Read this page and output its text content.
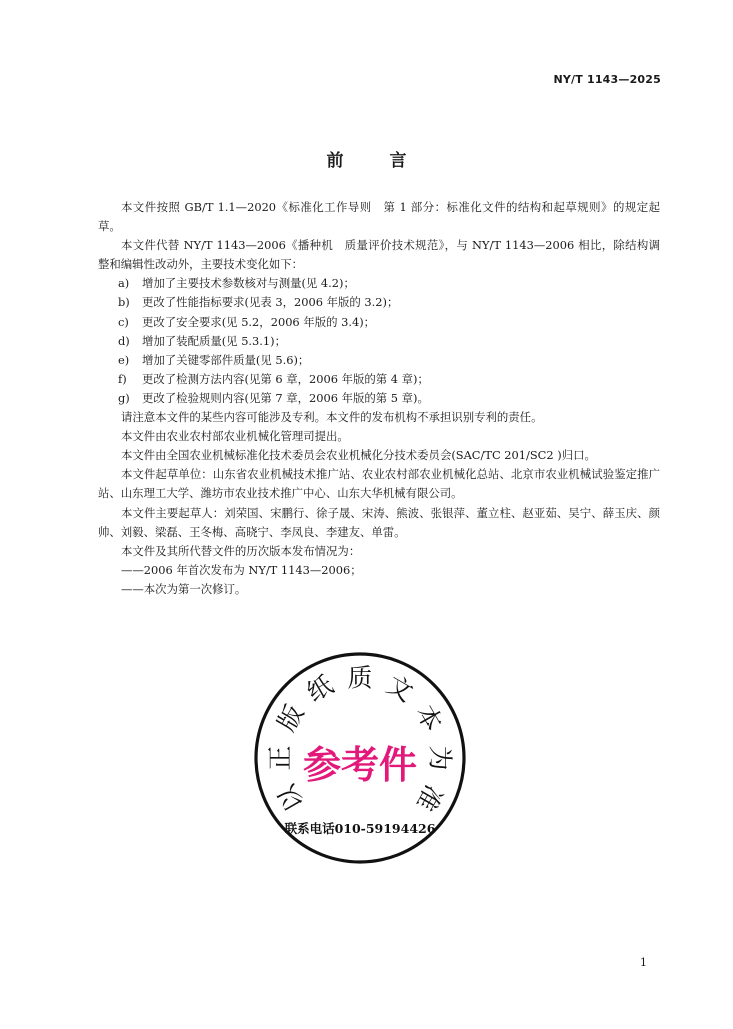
NY/T 1143—2025
前 言

本文件按照 GB/T 1.1—2020《标准化工作导则　第 1 部分：标准化文件的结构和起草规则》的规定起草。

本文件代替 NY/T 1143—2006《播种机　质量评价技术规范》，与 NY/T 1143—2006 相比，除结构调整和编辑性改动外，主要技术变化如下：

a) 增加了主要技术参数核对与测量(见 4.2)；

b) 更改了性能指标要求(见表 3，2006 年版的 3.2)；

c) 更改了安全要求(见 5.2，2006 年版的 3.4)；

d) 增加了装配质量(见 5.3.1)；

e) 增加了关键零部件质量(见 5.6)；

f) 更改了检测方法内容(见第 6 章，2006 年版的第 4 章)；

g) 更改了检验规则内容(见第 7 章，2006 年版的第 5 章)。

请注意本文件的某些内容可能涉及专利。本文件的发布机构不承担识别专利的责任。

本文件由农业农村部农业机械化管理司提出。

本文件由全国农业机械标准化技术委员会农业机械化分技术委员会(SAC/TC 201/SC2 )归口。

本文件起草单位：山东省农业机械技术推广站、农业农村部农业机械化总站、北京市农业机械试验鉴定推广站、山东理工大学、潍坊市农业技术推广中心、山东大华机械有限公司。

本文件主要起草人：刘荣国、宋鹏行、徐子晟、宋涛、熊波、张银萍、董立柱、赵亚茹、吴宁、薛玉庆、颜帅、刘毅、梁磊、王冬梅、高晓宁、李凤良、李建友、单雷。

本文件及其所代替文件的历次版本发布情况为：

——2006 年首次发布为 NY/T 1143—2006；

——本次为第一次修订。

以
正
版
纸 质 文
本
为
准
参考件
联系电话010-59194426
1
